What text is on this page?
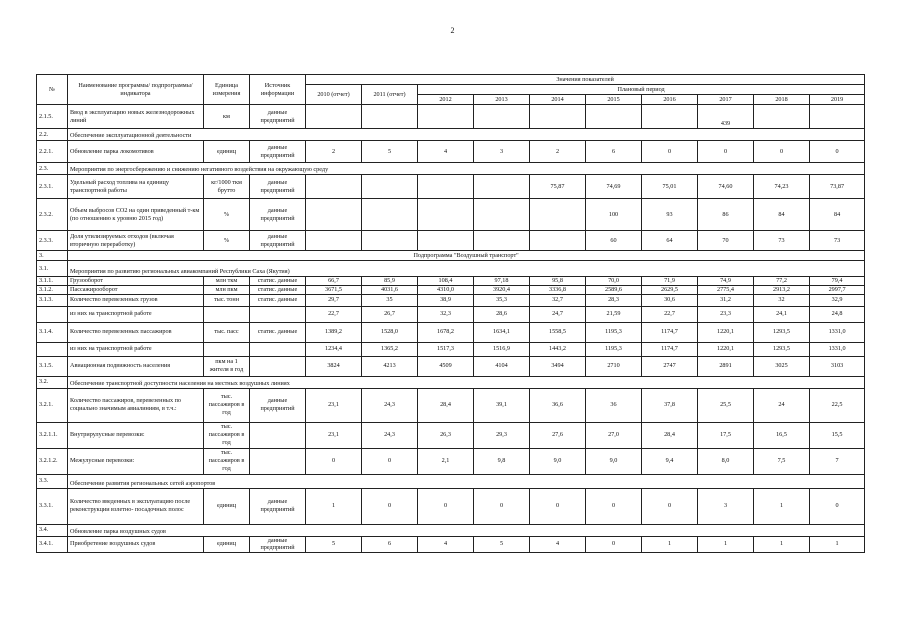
2
№	Наименование программы/ подпрограммы/ индикатора	Единица измерения	Источник информации	Значения показателей									
				2010 (отчет)	2011 (отчет)	Плановый период							
						2012	2013	2014	2015	2016	2017	2018	2019
2.1.5.	Ввод в эксплуатацию новых железнодорожных линий	км	данные предприятий								439		
2.2.	Обеспечение эксплуатационной деятельности												
2.2.1.	Обновление парка локомотивов	единиц	данные предприятий	2	5	4	3	2	6	0	0	0	0
2.3.	Мероприятия по энергосбережению и снижению негативного воздействия на окружающую среду												
2.3.1.	Удельный расход топлива на единицу транспортной работы	кг/1000 ткм брутто	данные предприятий					75,87	74,69	75,01	74,60	74,23	73,87
2.3.2.	Объем выбросов СО2 на один приведенный т-км (по отношению к уровню 2015 год)	%	данные предприятий						100	93	86	84	84
2.3.3.	Доля утилизируемых отходов (включая вторичную переработку)	%	данные предприятий						60	64	70	73	73
3.	Подпрограмма "Воздушный транспорт"												
3.1.	Мероприятия по развитию региональных авиакомпаний Республики Саха (Якутия)												
3.1.1.	Грузооборот	млн ткм	статис. данные	66,7	85,9	108,4	97,18	95,8	70,0	71,9	74,9	77,2	79,4
3.1.2.	Пассажирооборот	млн пкм	статис. данные	3671,5	4031,6	4310,0	3920,4	3336,8	2589,6	2629,5	2775,4	2913,2	2997,7
3.1.3.	Количество перевезенных грузов	тыс. тонн	статис. данные	29,7	35	38,9	35,3	32,7	28,3	30,6	31,2	32	32,9
	из них на транспортной работе			22,7	26,7	32,3	28,6	24,7	21,59	22,7	23,3	24,1	24,8
3.1.4.	Количество перевезенных пассажиров	тыс. пасс	статис. данные	1389,2	1528,0	1678,2	1634,1	1558,5	1195,3	1174,7	1220,1	1293,5	1331,0
	из них на транспортной работе			1234,4	1365,2	1517,3	1516,9	1443,2	1195,3	1174,7	1220,1	1293,5	1331,0
3.1.5.	Авиационная подвижность населения	пкм на 1 жителя в год		3824	4213	4509	4104	3494	2710	2747	2891	3025	3103
3.2.	Обеспечение транспортной доступности населения на местных воздушных линиях												
3.2.1.	Количество пассажиров, перевезенных по социально значимым авиалиниям, в т.ч.:	тыс. пассажиров в год	данные предприятий	23,1	24,3	28,4	39,1	36,6	36	37,8	25,5	24	22,5
3.2.1.1.	Внутрирулусные перевозки:	тыс. пассажиров в год		23,1	24,3	26,3	29,3	27,6	27,0	28,4	17,5	16,5	15,5
3.2.1.2.	Межулусные перевозки:	тыс. пассажиров в год		0	0	2,1	9,8	9,0	9,0	9,4	8,0	7,5	7
3.3.	Обеспечение развития региональных сетей аэропортов												
3.3.1.	Количество введенных в эксплуатацию после реконструкции взлетно- посадочных полос	единиц	данные предприятий	1	0	0	0	0	0	0	3	1	0
3.4.	Обновление парка воздушных судов												
3.4.1.	Приобретение воздушных судов	единиц	данные предприятий	5	6	4	5	4	0	1	1	1	1
